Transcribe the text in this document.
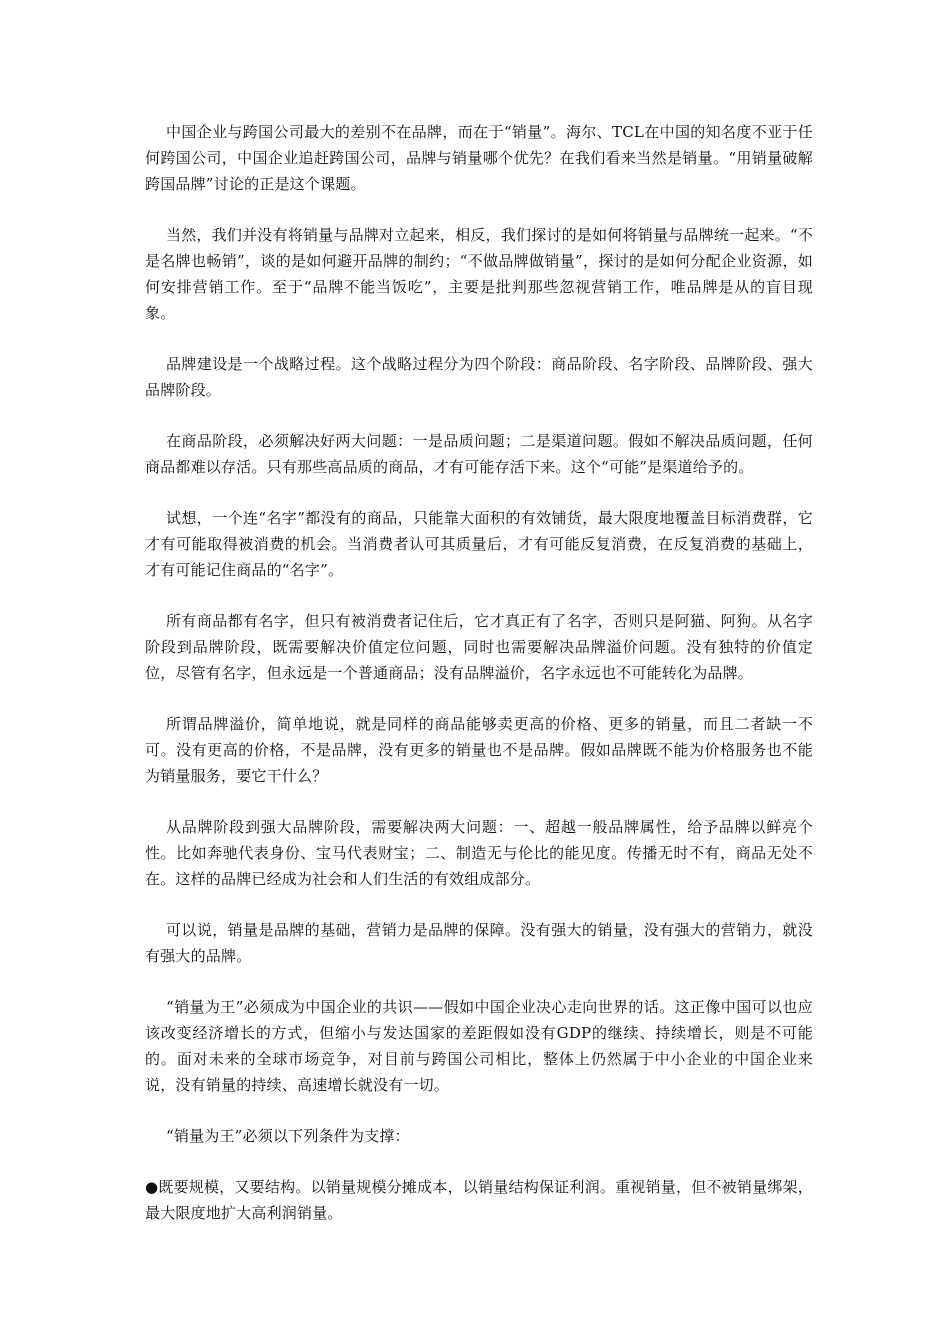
中国企业与跨国公司最大的差别不在品牌，而在于“销量”。海尔、TCL在中国的知名度不亚于任何跨国公司，中国企业追赶跨国公司，品牌与销量哪个优先？在我们看来当然是销量。“用销量破解跨国品牌”讨论的正是这个课题。

当然，我们并没有将销量与品牌对立起来，相反，我们探讨的是如何将销量与品牌统一起来。“不是名牌也畅销”，谈的是如何避开品牌的制约；“不做品牌做销量”，探讨的是如何分配企业资源，如何安排营销工作。至于“品牌不能当饭吃”，主要是批判那些忽视营销工作，唯品牌是从的盲目现象。

品牌建设是一个战略过程。这个战略过程分为四个阶段：商品阶段、名字阶段、品牌阶段、强大品牌阶段。

在商品阶段，必须解决好两大问题：一是品质问题；二是渠道问题。假如不解决品质问题，任何商品都难以存活。只有那些高品质的商品，才有可能存活下来。这个“可能”是渠道给予的。

试想，一个连“名字”都没有的商品，只能靠大面积的有效铺货，最大限度地覆盖目标消费群，它才有可能取得被消费的机会。当消费者认可其质量后，才有可能反复消费，在反复消费的基础上，才有可能记住商品的“名字”。

所有商品都有名字，但只有被消费者记住后，它才真正有了名字，否则只是阿猫、阿狗。从名字阶段到品牌阶段，既需要解决价值定位问题，同时也需要解决品牌溢价问题。没有独特的价值定位，尽管有名字，但永远是一个普通商品；没有品牌溢价，名字永远也不可能转化为品牌。

所谓品牌溢价，简单地说，就是同样的商品能够卖更高的价格、更多的销量，而且二者缺一不可。没有更高的价格，不是品牌，没有更多的销量也不是品牌。假如品牌既不能为价格服务也不能为销量服务，要它干什么？

从品牌阶段到强大品牌阶段，需要解决两大问题：一、超越一般品牌属性，给予品牌以鲜亮个性。比如奔驰代表身份、宝马代表财宝；二、制造无与伦比的能见度。传播无时不有，商品无处不在。这样的品牌已经成为社会和人们生活的有效组成部分。

可以说，销量是品牌的基础，营销力是品牌的保障。没有强大的销量，没有强大的营销力，就没有强大的品牌。

“销量为王”必须成为中国企业的共识——假如中国企业决心走向世界的话。这正像中国可以也应该改变经济增长的方式，但缩小与发达国家的差距假如没有GDP的继续、持续增长，则是不可能的。面对未来的全球市场竞争，对目前与跨国公司相比，整体上仍然属于中小企业的中国企业来说，没有销量的持续、高速增长就没有一切。

“销量为王”必须以下列条件为支撑：

●既要规模，又要结构。以销量规模分摊成本，以销量结构保证利润。重视销量，但不被销量绑架，最大限度地扩大高利润销量。
